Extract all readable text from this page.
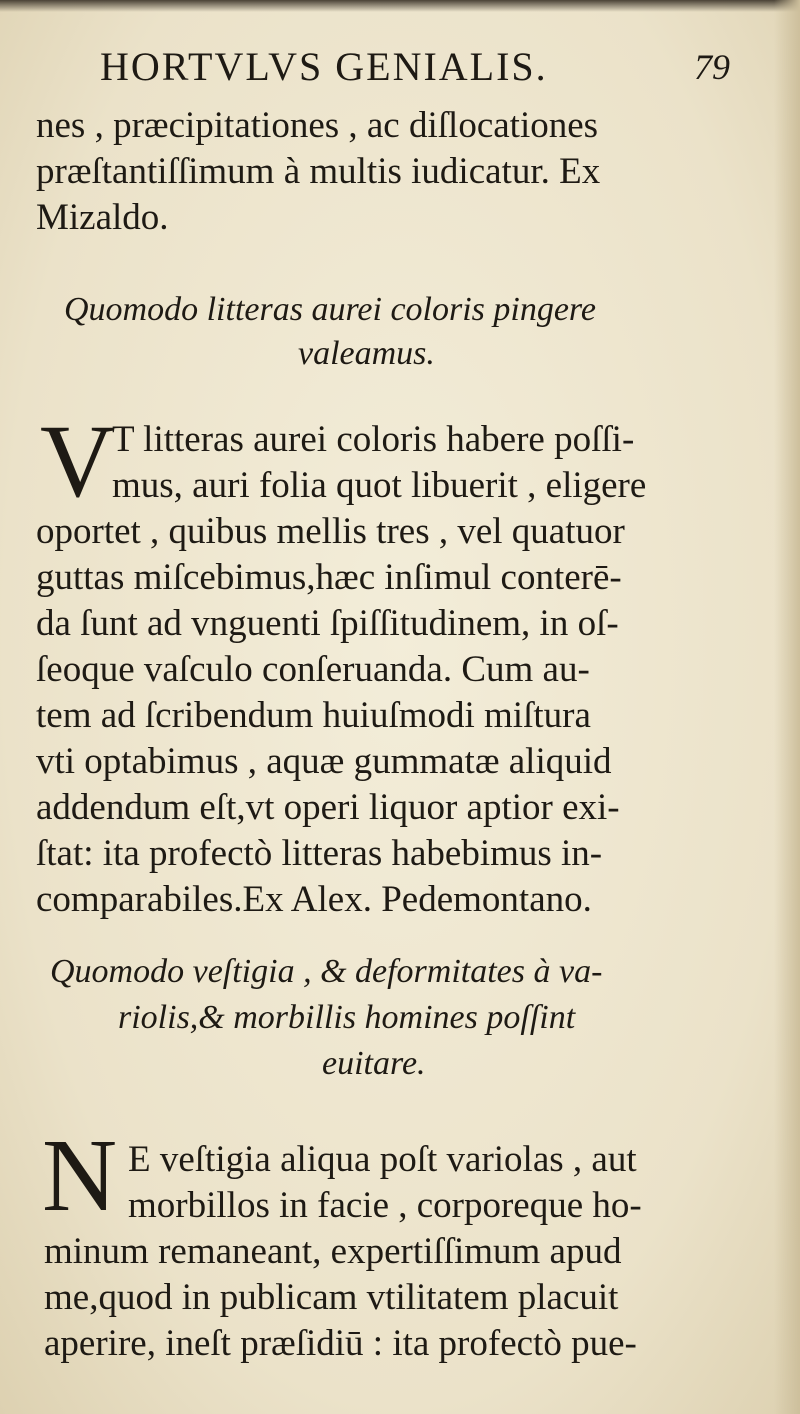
HORTVLVS GENIALIS.	79
nes , præcipitationes , ac diſlocationes
præſtantiſſimum à multis iudicatur. Ex
Mizaldo.
Quomodo litteras aurei coloris pingere
valeamus.
V
T litteras aurei coloris habere poſſi-
mus, auri folia quot libuerit , eligere
oportet , quibus mellis tres , vel quatuor
guttas miſcebimus,hæc inſimul conterē-
da ſunt ad vnguenti ſpiſſitudinem, in oſ-
ſeoque vaſculo conſeruanda. Cum au-
tem ad ſcribendum huiuſmodi miſtura
vti optabimus , aquæ gummatæ aliquid
addendum eſt,vt operi liquor aptior exi-
ſtat: ita profectò litteras habebimus in-
comparabiles.Ex Alex. Pedemontano.
Quomodo veſtigia , & deformitates à va-
riolis,& morbillis homines poſſint
euitare.
N E veſtigia aliqua poſt variolas , aut
morbillos in facie , corporeque ho-
minum remaneant, expertiſſimum apud
me,quod in publicam vtilitatem placuit
aperire, ineſt præſidiū : ita profectò pue-
